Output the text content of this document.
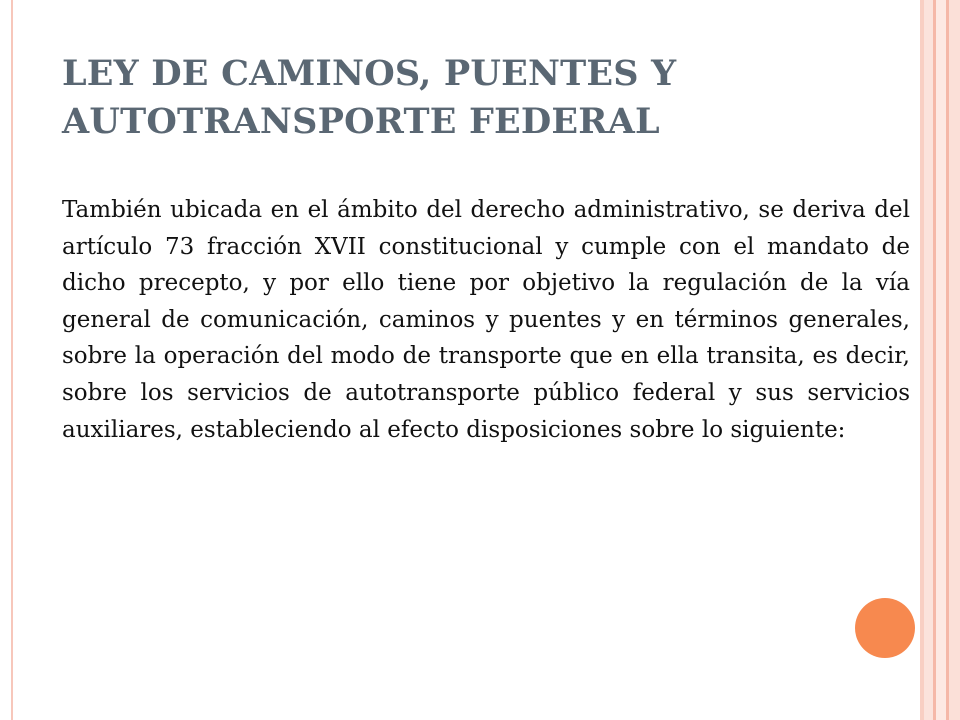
LEY DE CAMINOS, PUENTES Y AUTOTRANSPORTE FEDERAL

También ubicada en el ámbito del derecho administrativo, se deriva del artículo 73 fracción XVII constitucional y cumple con el mandato de dicho precepto, y por ello tiene por objetivo la regulación de la vía general de comunicación, caminos y puentes y en términos generales, sobre la operación del modo de transporte que en ella transita, es decir, sobre los servicios de autotransporte público federal y sus servicios auxiliares, estableciendo al efecto disposiciones sobre lo siguiente:
